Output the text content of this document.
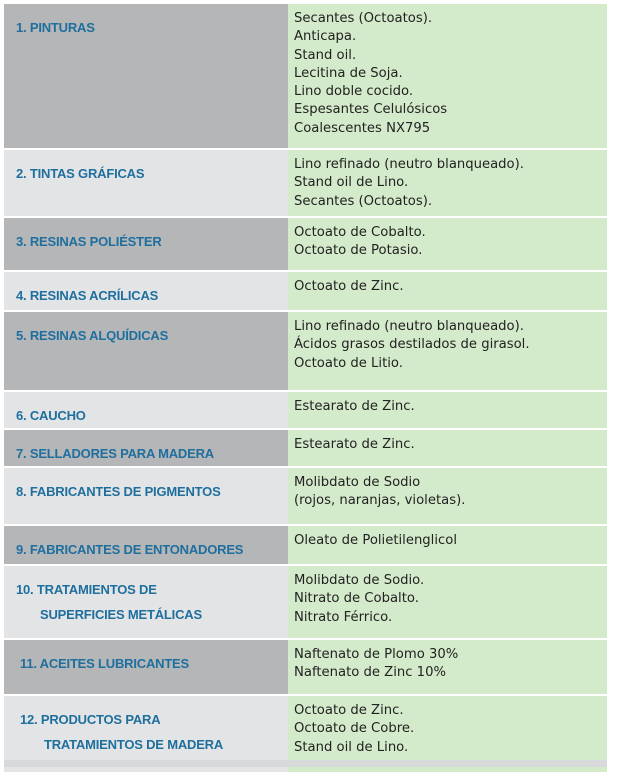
1. PINTURAS
Secantes (Octoatos).
Anticapa.
Stand oil.
Lecitina de Soja.
Lino doble cocido.
Espesantes Celulósicos
Coalescentes NX795
2. TINTAS GRÁFICAS
Lino refinado (neutro blanqueado).
Stand oil de Lino.
Secantes (Octoatos).
3. RESINAS POLIÉSTER
Octoato de Cobalto.
Octoato de Potasio.
4. RESINAS ACRÍLICAS
Octoato de Zinc.
5. RESINAS ALQUÍDICAS
Lino refinado (neutro blanqueado).
Ácidos grasos destilados de girasol.
Octoato de Litio.
6. CAUCHO
Estearato de Zinc.
7. SELLADORES PARA MADERA
Estearato de Zinc.
8. FABRICANTES DE PIGMENTOS
Molibdato de Sodio
(rojos, naranjas, violetas).
9. FABRICANTES DE ENTONADORES
Oleato de Polietilenglicol
10. TRATAMIENTOS DE
SUPERFICIES METÁLICAS
Molibdato de Sodio.
Nitrato de Cobalto.
Nitrato Férrico.
11. ACEITES LUBRICANTES
Naftenato de Plomo 30%
Naftenato de Zinc 10%
12. PRODUCTOS PARA
TRATAMIENTOS DE MADERA
Octoato de Zinc.
Octoato de Cobre.
Stand oil de Lino.
